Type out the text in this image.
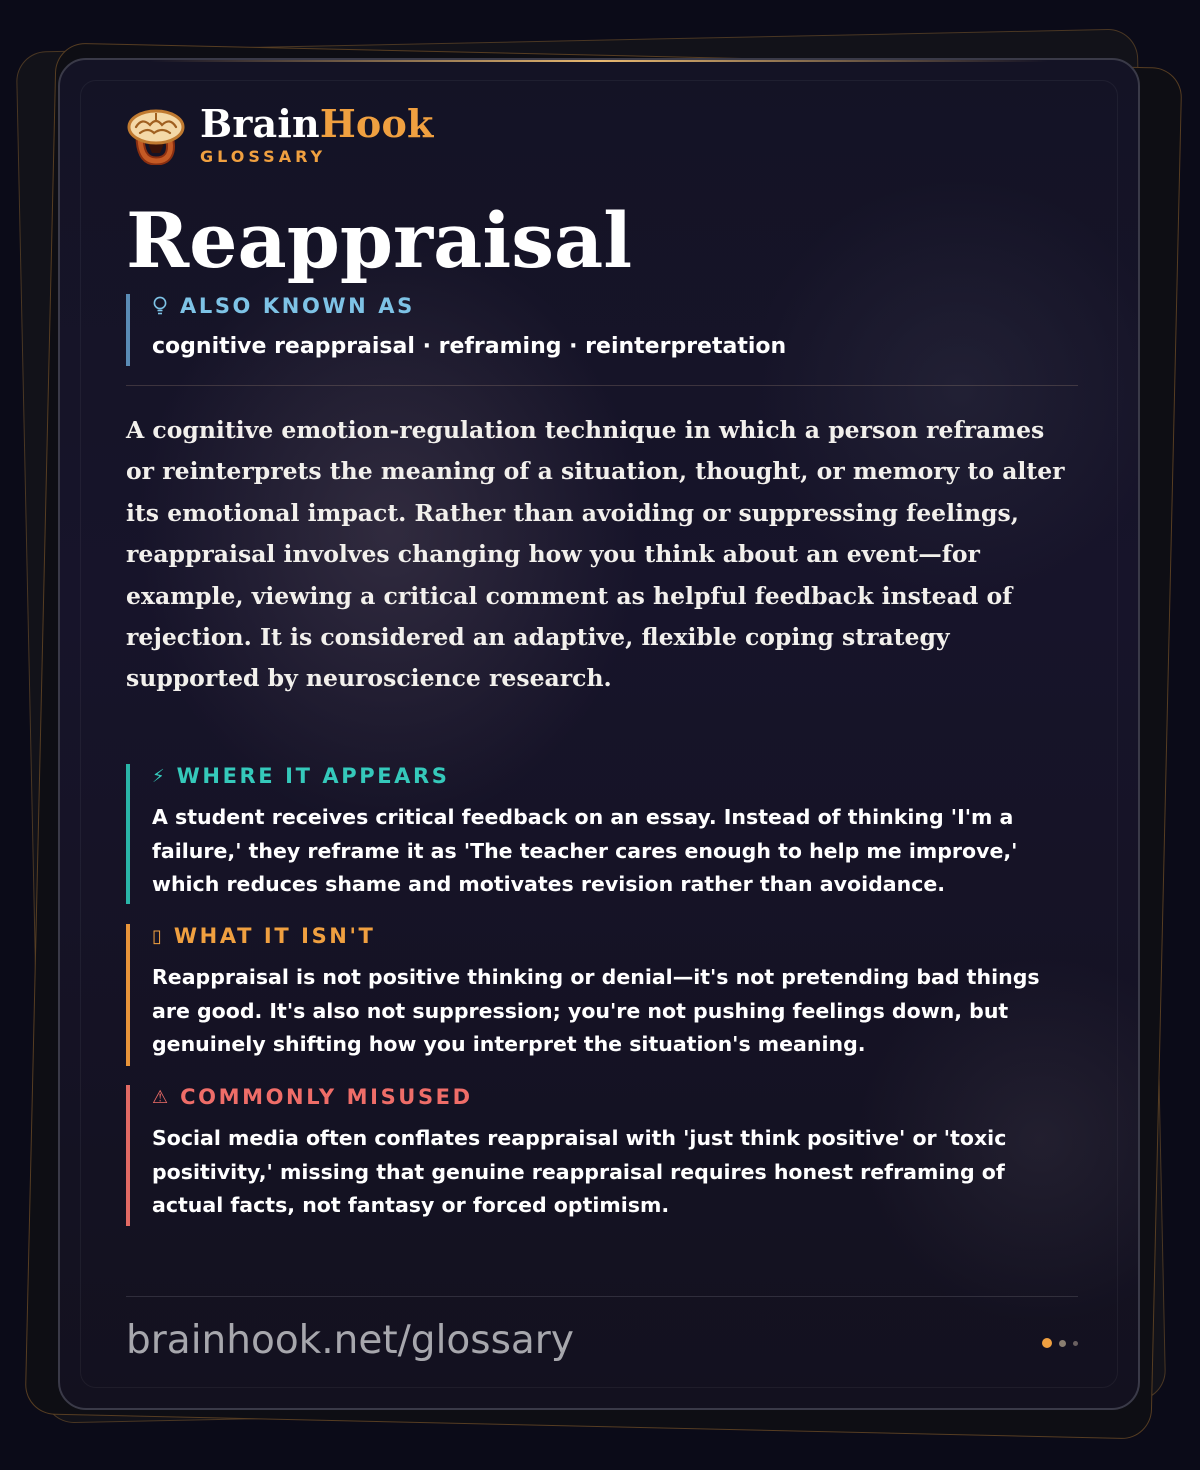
BrainHook
GLOSSARY
Reappraisal
ALSO KNOWN AS
cognitive reappraisal · reframing · reinterpretation

A cognitive emotion-regulation technique in which a person reframes or reinterprets the meaning of a situation, thought, or memory to alter its emotional impact. Rather than avoiding or suppressing feelings, reappraisal involves changing how you think about an event—for example, viewing a critical comment as helpful feedback instead of rejection. It is considered an adaptive, flexible coping strategy supported by neuroscience research.

⚡ WHERE IT APPEARS
A student receives critical feedback on an essay. Instead of thinking 'I'm a failure,' they reframe it as 'The teacher cares enough to help me improve,' which reduces shame and motivates revision rather than avoidance.
▯ WHAT IT ISN'T
Reappraisal is not positive thinking or denial—it's not pretending bad things are good. It's also not suppression; you're not pushing feelings down, but genuinely shifting how you interpret the situation's meaning.
⚠ COMMONLY MISUSED
Social media often conflates reappraisal with 'just think positive' or 'toxic positivity,' missing that genuine reappraisal requires honest reframing of actual facts, not fantasy or forced optimism.
brainhook.net/glossary
